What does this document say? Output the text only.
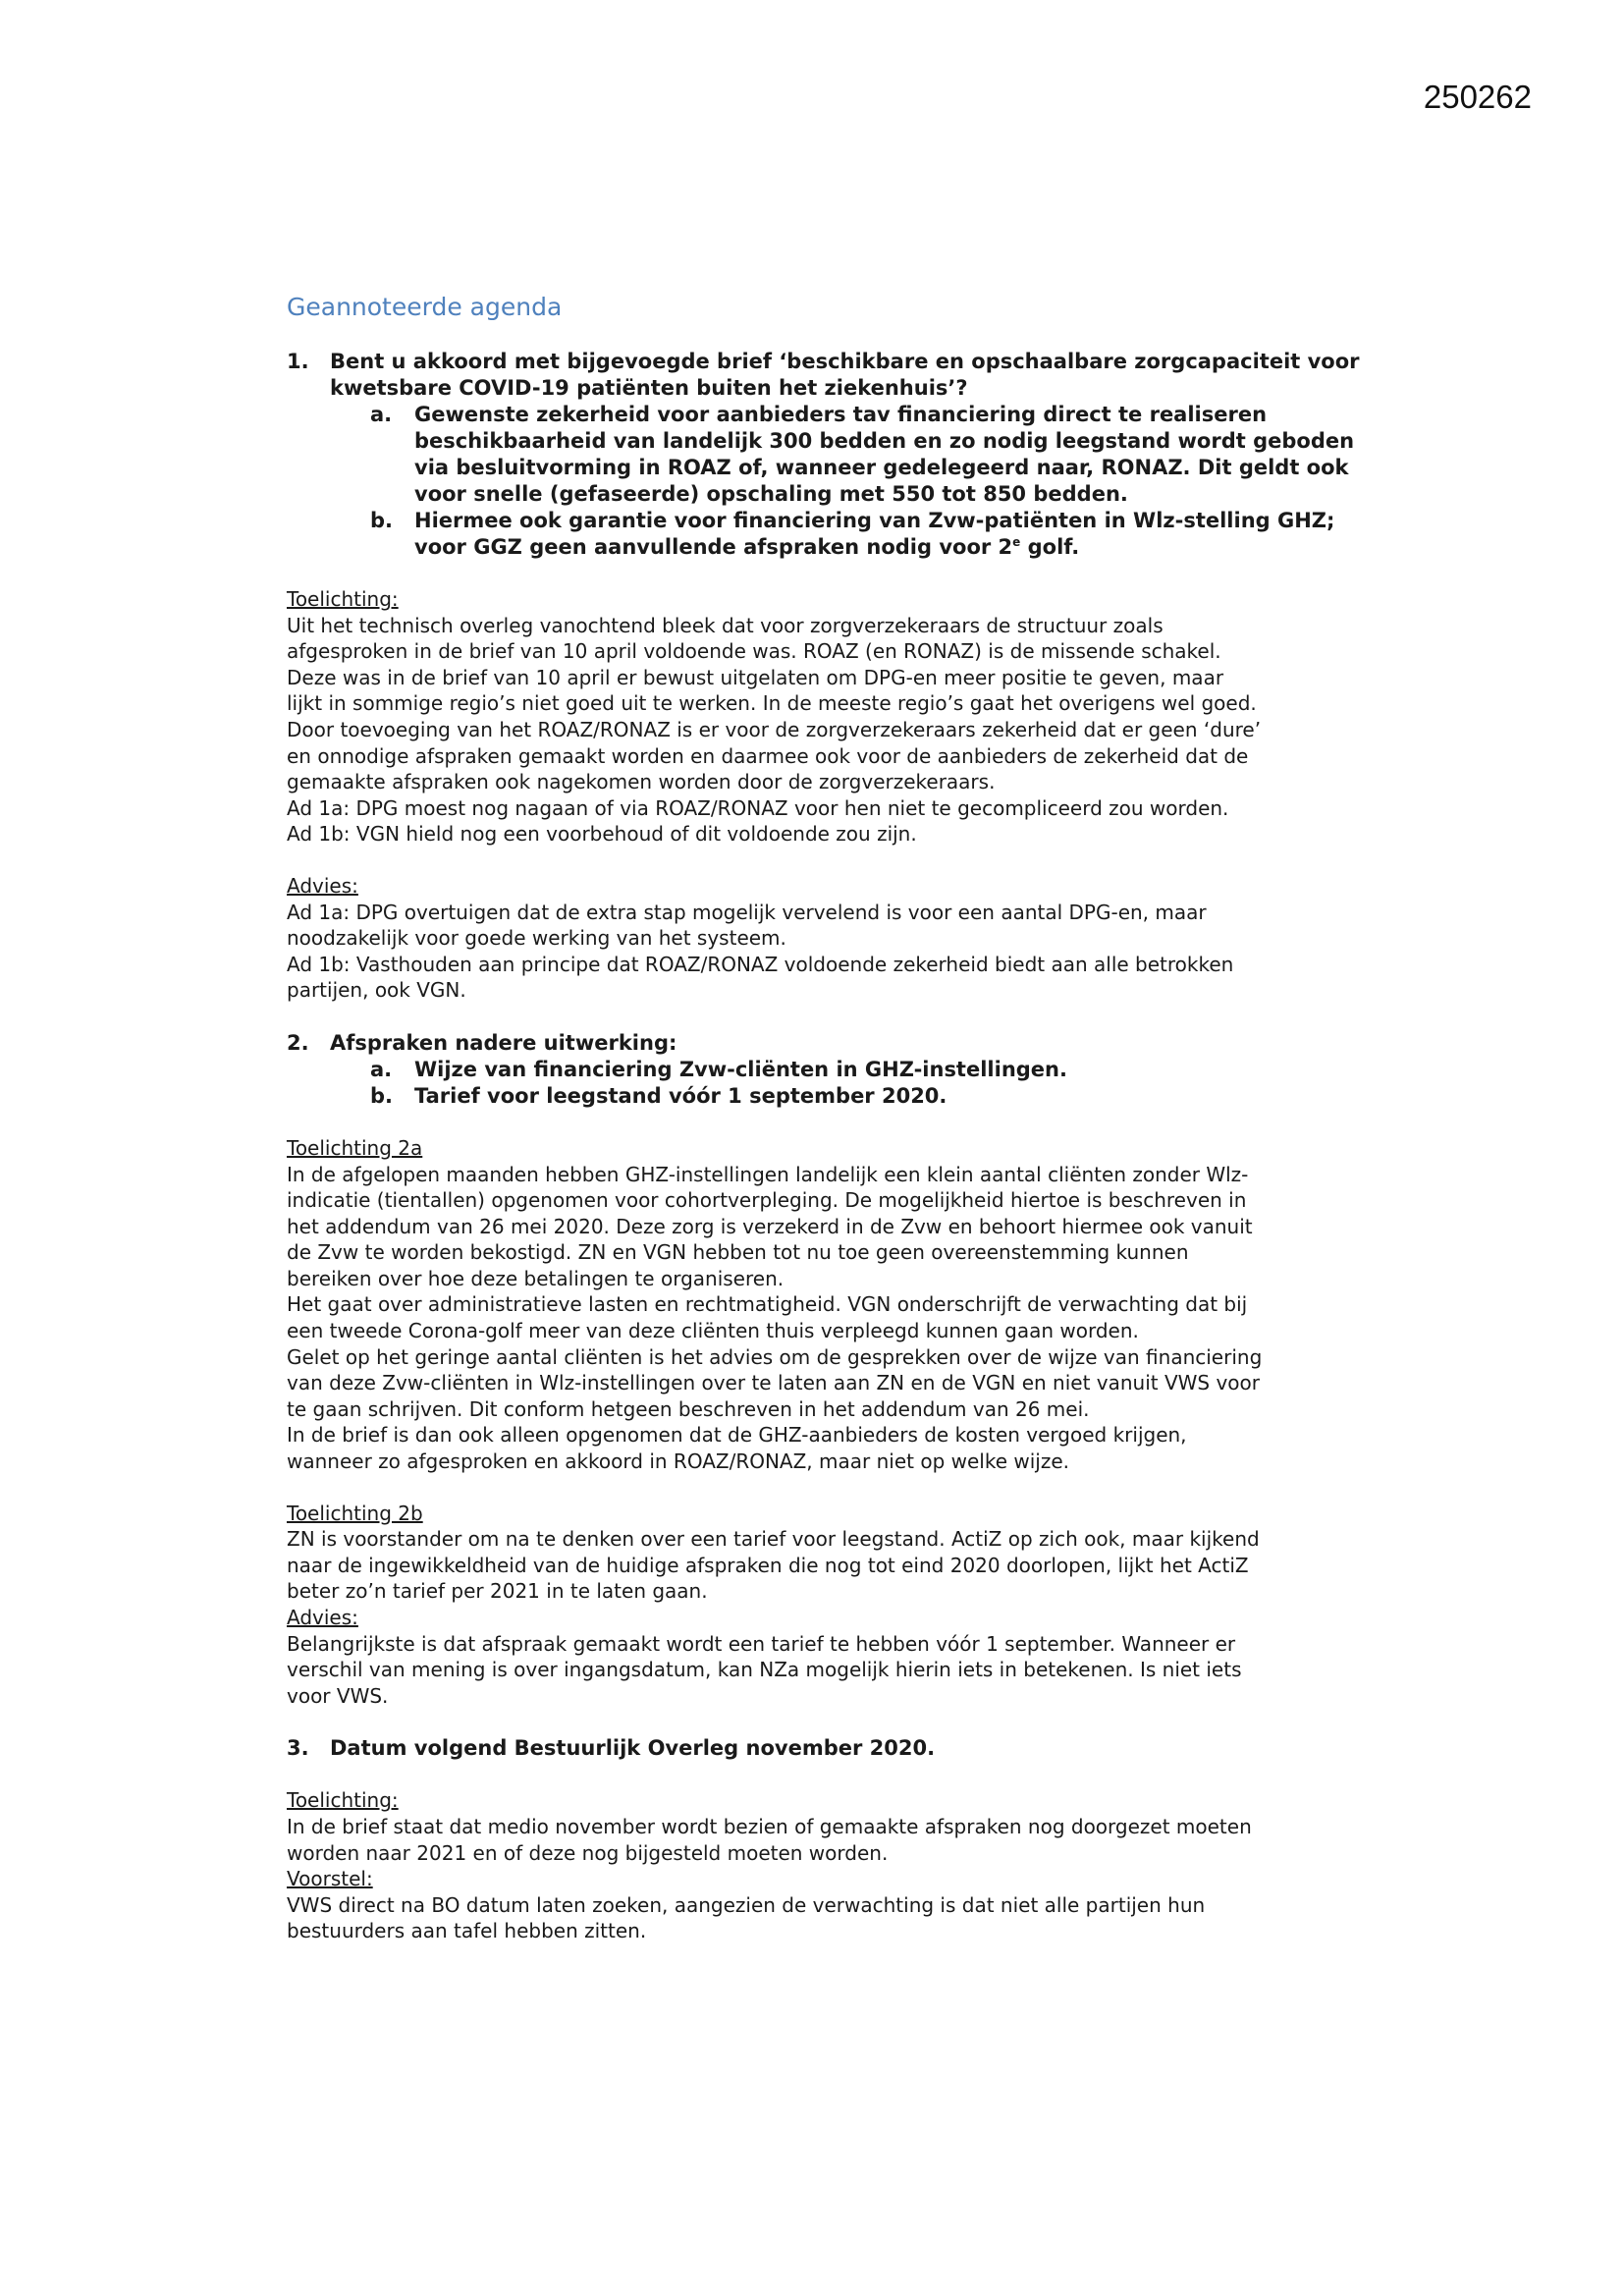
250262
Geannoteerde agenda
1.	Bent u akkoord met bijgevoegde brief ‘beschikbare en opschaalbare zorgcapaciteit voor kwetsbare COVID-19 patiënten buiten het ziekenhuis’?
a.	Gewenste zekerheid voor aanbieders tav financiering direct te realiseren beschikbaarheid van landelijk 300 bedden en zo nodig leegstand wordt geboden via besluitvorming in ROAZ of, wanneer gedelegeerd naar, RONAZ. Dit geldt ook voor snelle (gefaseerde) opschaling met 550 tot 850 bedden.
b.	Hiermee ook garantie voor financiering van Zvw-patiënten in Wlz-stelling GHZ; voor GGZ geen aanvullende afspraken nodig voor 2e golf.

Toelichting:

Uit het technisch overleg vanochtend bleek dat voor zorgverzekeraars de structuur zoals

afgesproken in de brief van 10 april voldoende was. ROAZ (en RONAZ) is de missende schakel.

Deze was in de brief van 10 april er bewust uitgelaten om DPG-en meer positie te geven, maar

lijkt in sommige regio’s niet goed uit te werken. In de meeste regio’s gaat het overigens wel goed.

Door toevoeging van het ROAZ/RONAZ is er voor de zorgverzekeraars zekerheid dat er geen ‘dure’

en onnodige afspraken gemaakt worden en daarmee ook voor de aanbieders de zekerheid dat de

gemaakte afspraken ook nagekomen worden door de zorgverzekeraars.

Ad 1a: DPG moest nog nagaan of via ROAZ/RONAZ voor hen niet te gecompliceerd zou worden.

Ad 1b: VGN hield nog een voorbehoud of dit voldoende zou zijn.

Advies:

Ad 1a: DPG overtuigen dat de extra stap mogelijk vervelend is voor een aantal DPG-en, maar

noodzakelijk voor goede werking van het systeem.

Ad 1b: Vasthouden aan principe dat ROAZ/RONAZ voldoende zekerheid biedt aan alle betrokken

partijen, ook VGN.

2.	Afspraken nadere uitwerking:
a.	Wijze van financiering Zvw-cliënten in GHZ-instellingen.
b.	Tarief voor leegstand vóór 1 september 2020.

Toelichting 2a

In de afgelopen maanden hebben GHZ-instellingen landelijk een klein aantal cliënten zonder Wlz-

indicatie (tientallen) opgenomen voor cohortverpleging. De mogelijkheid hiertoe is beschreven in

het addendum van 26 mei 2020. Deze zorg is verzekerd in de Zvw en behoort hiermee ook vanuit

de Zvw te worden bekostigd. ZN en VGN hebben tot nu toe geen overeenstemming kunnen

bereiken over hoe deze betalingen te organiseren.

Het gaat over administratieve lasten en rechtmatigheid. VGN onderschrijft de verwachting dat bij

een tweede Corona-golf meer van deze cliënten thuis verpleegd kunnen gaan worden.

Gelet op het geringe aantal cliënten is het advies om de gesprekken over de wijze van financiering

van deze Zvw-cliënten in Wlz-instellingen over te laten aan ZN en de VGN en niet vanuit VWS voor

te gaan schrijven. Dit conform hetgeen beschreven in het addendum van 26 mei.

In de brief is dan ook alleen opgenomen dat de GHZ-aanbieders de kosten vergoed krijgen,

wanneer zo afgesproken en akkoord in ROAZ/RONAZ, maar niet op welke wijze.

Toelichting 2b

ZN is voorstander om na te denken over een tarief voor leegstand. ActiZ op zich ook, maar kijkend

naar de ingewikkeldheid van de huidige afspraken die nog tot eind 2020 doorlopen, lijkt het ActiZ

beter zo’n tarief per 2021 in te laten gaan.

Advies:

Belangrijkste is dat afspraak gemaakt wordt een tarief te hebben vóór 1 september. Wanneer er

verschil van mening is over ingangsdatum, kan NZa mogelijk hierin iets in betekenen. Is niet iets

voor VWS.

3.	Datum volgend Bestuurlijk Overleg november 2020.

Toelichting:

In de brief staat dat medio november wordt bezien of gemaakte afspraken nog doorgezet moeten

worden naar 2021 en of deze nog bijgesteld moeten worden.

Voorstel:

VWS direct na BO datum laten zoeken, aangezien de verwachting is dat niet alle partijen hun

bestuurders aan tafel hebben zitten.
